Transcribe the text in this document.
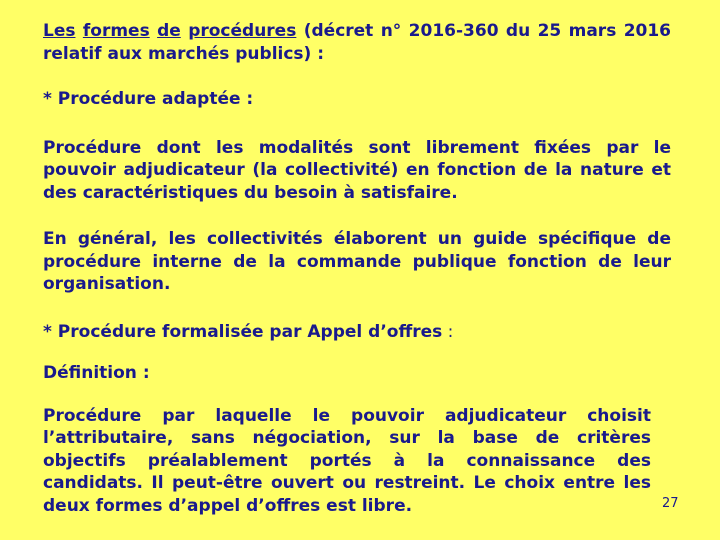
Les formes de procédures (décret n° 2016-360 du 25 mars 2016 relatif aux marchés publics) :

* Procédure adaptée :

Procédure dont les modalités sont librement fixées par le pouvoir adjudicateur (la collectivité) en fonction de la nature et des caractéristiques du besoin à satisfaire.

En général, les collectivités élaborent un guide spécifique de procédure interne de la commande publique fonction de leur organisation.

* Procédure formalisée par Appel d’offres :

Définition :

Procédure par laquelle le pouvoir adjudicateur choisit l’attributaire, sans négociation, sur la base de critères objectifs préalablement portés à la connaissance des candidats. Il peut-être ouvert ou restreint. Le choix entre les deux formes d’appel d’offres est libre.	27
